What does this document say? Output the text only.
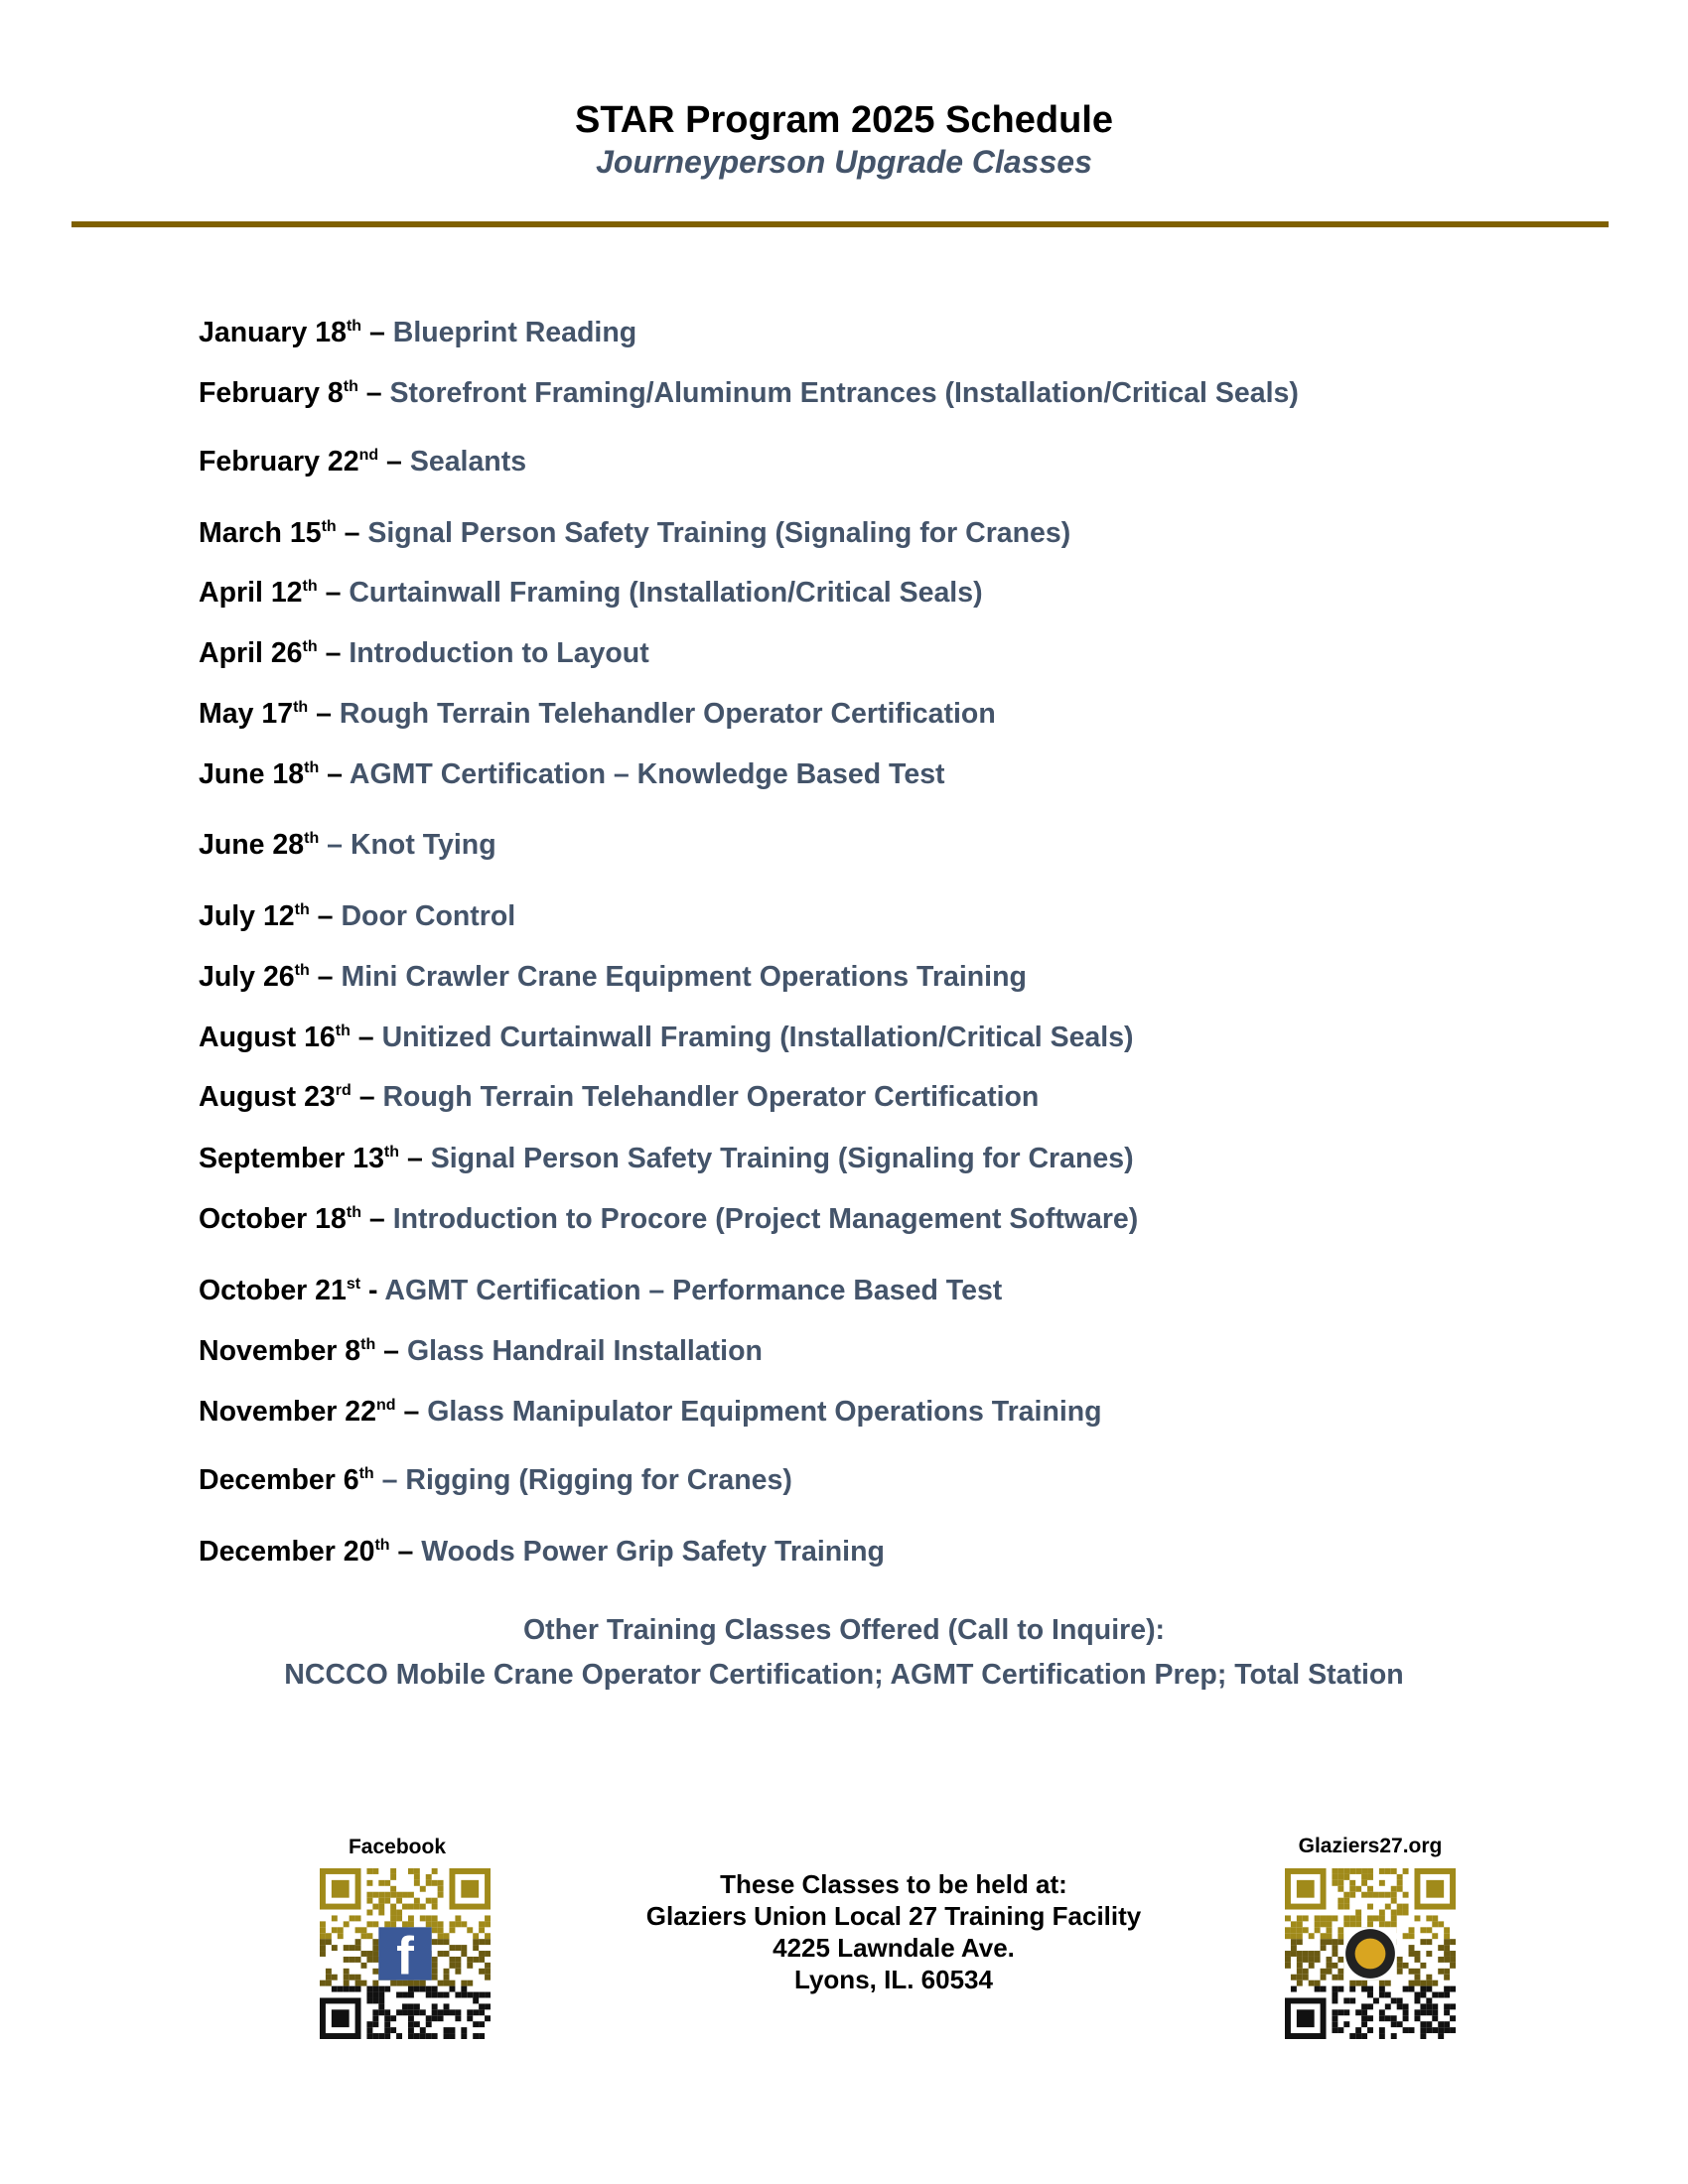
STAR Program 2025 Schedule
Journeyperson Upgrade Classes
January 18th – Blueprint Reading
February 8th – Storefront Framing/Aluminum Entrances (Installation/Critical Seals)
February 22nd – Sealants
March 15th – Signal Person Safety Training (Signaling for Cranes)
April 12th – Curtainwall Framing (Installation/Critical Seals)
April 26th – Introduction to Layout
May 17th – Rough Terrain Telehandler Operator Certification
June 18th – AGMT Certification – Knowledge Based Test
June 28th – Knot Tying
July 12th – Door Control
July 26th – Mini Crawler Crane Equipment Operations Training
August 16th – Unitized Curtainwall Framing (Installation/Critical Seals)
August 23rd – Rough Terrain Telehandler Operator Certification
September 13th – Signal Person Safety Training (Signaling for Cranes)
October 18th – Introduction to Procore (Project Management Software)
October 21st - AGMT Certification – Performance Based Test
November 8th – Glass Handrail Installation
November 22nd – Glass Manipulator Equipment Operations Training
December 6th – Rigging (Rigging for Cranes)
December 20th – Woods Power Grip Safety Training
Other Training Classes Offered (Call to Inquire):
NCCCO Mobile Crane Operator Certification; AGMT Certification Prep; Total Station
Facebook	Glaziers27.org
These Classes to be held at:
Glaziers Union Local 27 Training Facility
4225 Lawndale Ave.
Lyons, IL. 60534
f
